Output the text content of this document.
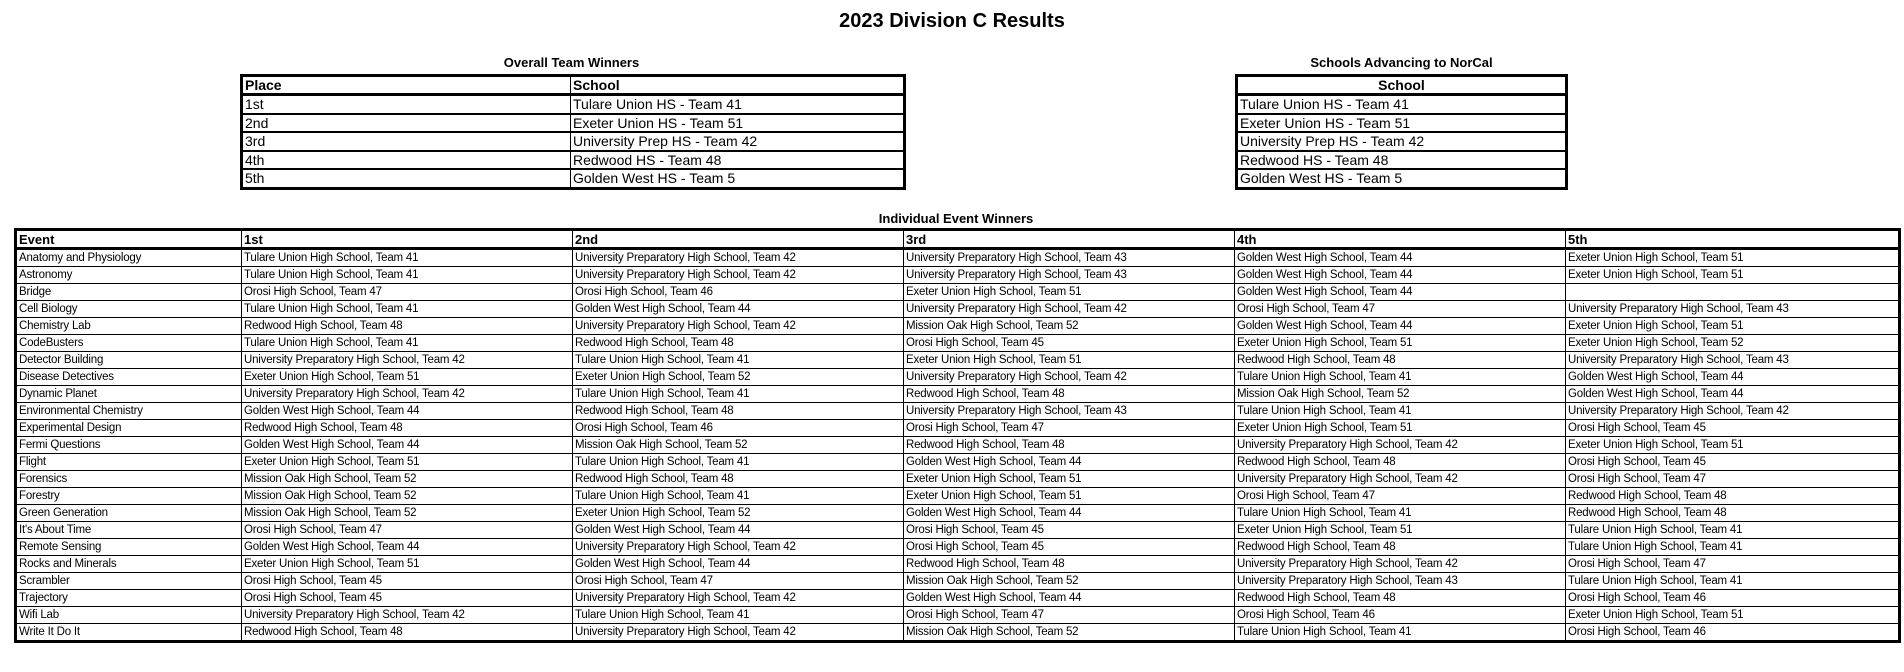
2023 Division C Results
Overall Team Winners
Place	School
1st	Tulare Union HS - Team 41
2nd	Exeter Union HS - Team 51
3rd	University Prep HS - Team 42
4th	Redwood HS - Team 48
5th	Golden West HS - Team 5
Schools Advancing to NorCal
School
Tulare Union HS - Team 41
Exeter Union HS - Team 51
University Prep HS - Team 42
Redwood HS - Team 48
Golden West HS - Team 5
Individual Event Winners
Event	1st	2nd	3rd	4th	5th
Anatomy and Physiology	Tulare Union High School, Team 41	University Preparatory High School, Team 42	University Preparatory High School, Team 43	Golden West High School, Team 44	Exeter Union High School, Team 51
Astronomy	Tulare Union High School, Team 41	University Preparatory High School, Team 42	University Preparatory High School, Team 43	Golden West High School, Team 44	Exeter Union High School, Team 51
Bridge	Orosi High School, Team 47	Orosi High School, Team 46	Exeter Union High School, Team 51	Golden West High School, Team 44	
Cell Biology	Tulare Union High School, Team 41	Golden West High School, Team 44	University Preparatory High School, Team 42	Orosi High School, Team 47	University Preparatory High School, Team 43
Chemistry Lab	Redwood High School, Team 48	University Preparatory High School, Team 42	Mission Oak High School, Team 52	Golden West High School, Team 44	Exeter Union High School, Team 51
CodeBusters	Tulare Union High School, Team 41	Redwood High School, Team 48	Orosi High School, Team 45	Exeter Union High School, Team 51	Exeter Union High School, Team 52
Detector Building	University Preparatory High School, Team 42	Tulare Union High School, Team 41	Exeter Union High School, Team 51	Redwood High School, Team 48	University Preparatory High School, Team 43
Disease Detectives	Exeter Union High School, Team 51	Exeter Union High School, Team 52	University Preparatory High School, Team 42	Tulare Union High School, Team 41	Golden West High School, Team 44
Dynamic Planet	University Preparatory High School, Team 42	Tulare Union High School, Team 41	Redwood High School, Team 48	Mission Oak High School, Team 52	Golden West High School, Team 44
Environmental Chemistry	Golden West High School, Team 44	Redwood High School, Team 48	University Preparatory High School, Team 43	Tulare Union High School, Team 41	University Preparatory High School, Team 42
Experimental Design	Redwood High School, Team 48	Orosi High School, Team 46	Orosi High School, Team 47	Exeter Union High School, Team 51	Orosi High School, Team 45
Fermi Questions	Golden West High School, Team 44	Mission Oak High School, Team 52	Redwood High School, Team 48	University Preparatory High School, Team 42	Exeter Union High School, Team 51
Flight	Exeter Union High School, Team 51	Tulare Union High School, Team 41	Golden West High School, Team 44	Redwood High School, Team 48	Orosi High School, Team 45
Forensics	Mission Oak High School, Team 52	Redwood High School, Team 48	Exeter Union High School, Team 51	University Preparatory High School, Team 42	Orosi High School, Team 47
Forestry	Mission Oak High School, Team 52	Tulare Union High School, Team 41	Exeter Union High School, Team 51	Orosi High School, Team 47	Redwood High School, Team 48
Green Generation	Mission Oak High School, Team 52	Exeter Union High School, Team 52	Golden West High School, Team 44	Tulare Union High School, Team 41	Redwood High School, Team 48
It's About Time	Orosi High School, Team 47	Golden West High School, Team 44	Orosi High School, Team 45	Exeter Union High School, Team 51	Tulare Union High School, Team 41
Remote Sensing	Golden West High School, Team 44	University Preparatory High School, Team 42	Orosi High School, Team 45	Redwood High School, Team 48	Tulare Union High School, Team 41
Rocks and Minerals	Exeter Union High School, Team 51	Golden West High School, Team 44	Redwood High School, Team 48	University Preparatory High School, Team 42	Orosi High School, Team 47
Scrambler	Orosi High School, Team 45	Orosi High School, Team 47	Mission Oak High School, Team 52	University Preparatory High School, Team 43	Tulare Union High School, Team 41
Trajectory	Orosi High School, Team 45	University Preparatory High School, Team 42	Golden West High School, Team 44	Redwood High School, Team 48	Orosi High School, Team 46
Wifi Lab	University Preparatory High School, Team 42	Tulare Union High School, Team 41	Orosi High School, Team 47	Orosi High School, Team 46	Exeter Union High School, Team 51
Write It Do It	Redwood High School, Team 48	University Preparatory High School, Team 42	Mission Oak High School, Team 52	Tulare Union High School, Team 41	Orosi High School, Team 46
